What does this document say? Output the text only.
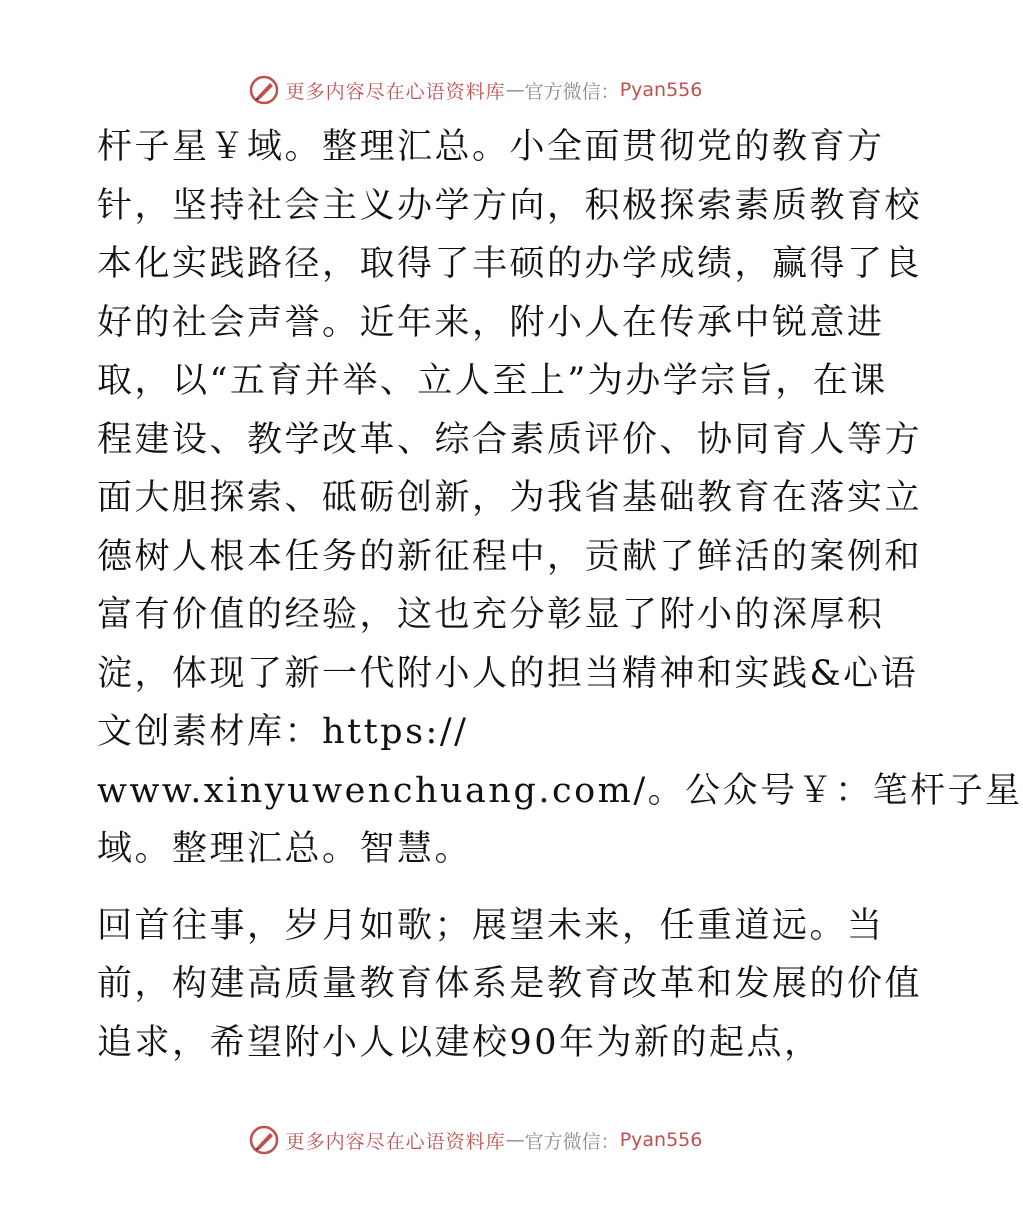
更多内容尽在心语资料库 — 官方微信： Pyan556
杆子星￥域。整理汇总。小全面贯彻党的教育方
针，坚持社会主义办学方向，积极探索素质教育校
本化实践路径，取得了丰硕的办学成绩，赢得了良
好的社会声誉。近年来，附小人在传承中锐意进
取，以“五育并举、立人至上”为办学宗旨，在课
程建设、教学改革、综合素质评价、协同育人等方
面大胆探索、砥砺创新，为我省基础教育在落实立
德树人根本任务的新征程中，贡献了鲜活的案例和
富有价值的经验，这也充分彰显了附小的深厚积
淀，体现了新一代附小人的担当精神和实践&心语
文创素材库：https://
www.xinyuwenchuang.com/。公众号￥：笔杆子星
域。整理汇总。智慧。
回首往事，岁月如歌；展望未来，任重道远。当
前，构建高质量教育体系是教育改革和发展的价值
追求，希望附小人以建校90年为新的起点，
更多内容尽在心语资料库 — 官方微信： Pyan556
